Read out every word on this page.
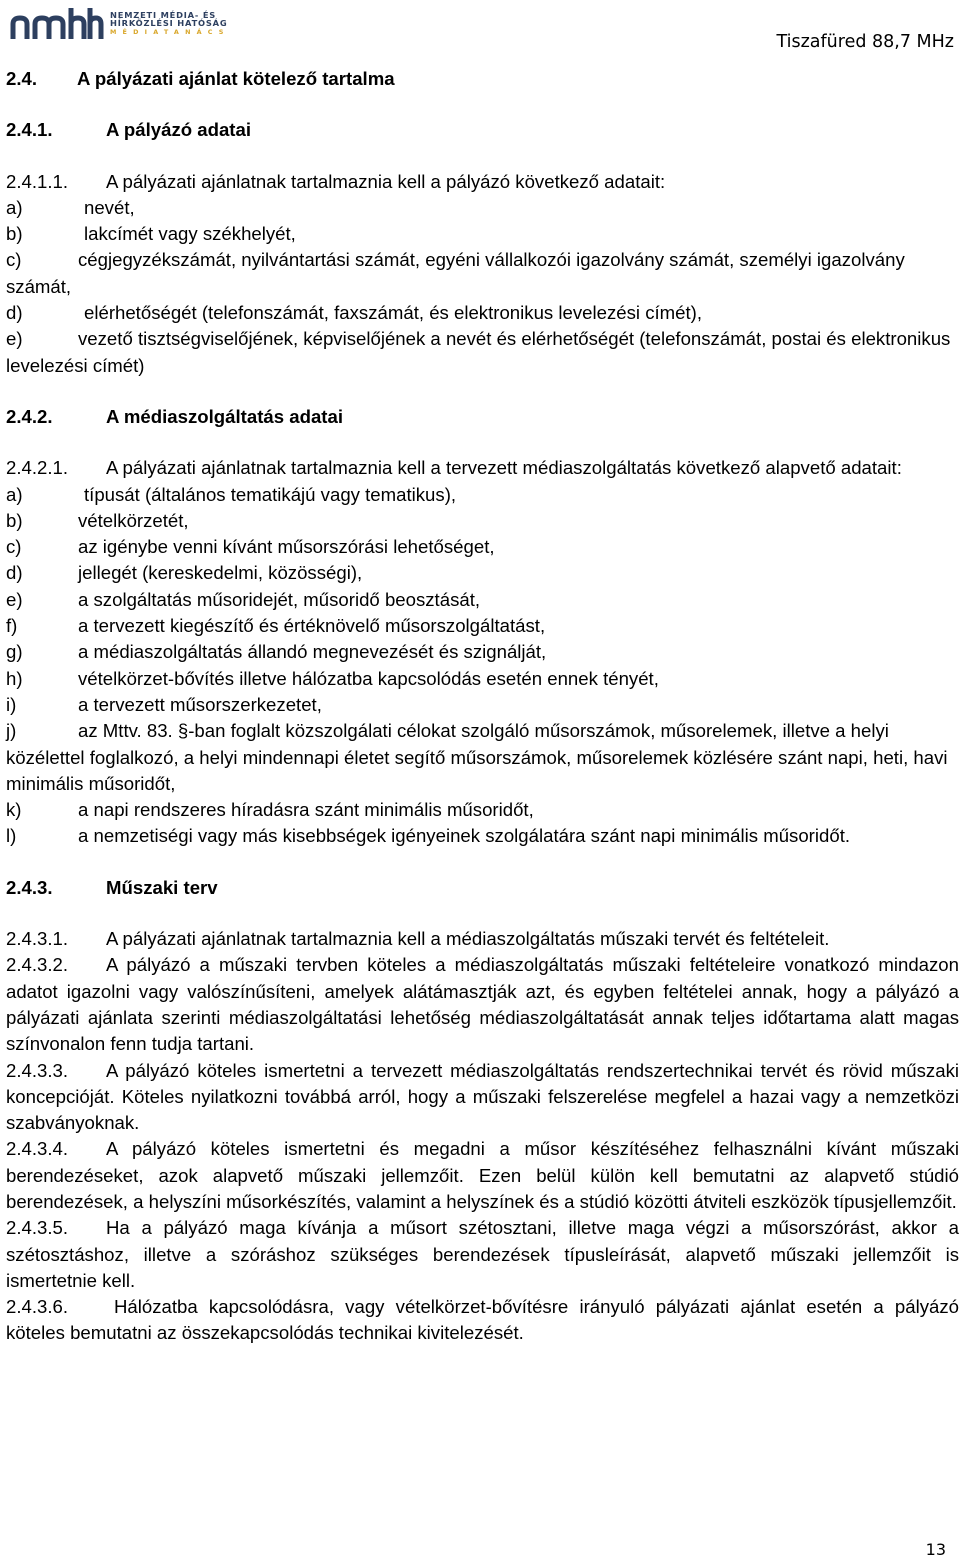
NEMZETI MÉDIA- ÉS
HÍRKÖZLÉSI HATÓSÁG
MÉDIATANÁCS	Tiszafüred 88,7 MHz

2.4.	A pályázati ajánlat kötelező tartalma

2.4.1.	A pályázó adatai

2.4.1.1. A pályázati ajánlatnak tartalmaznia kell a pályázó következő adatait:

a)	nevét,

b)	lakcímét vagy székhelyét,

c)	cégjegyzékszámát, nyilvántartási számát, egyéni vállalkozói igazolvány számát, személyi igazolvány számát,

d)	elérhetőségét (telefonszámát, faxszámát, és elektronikus levelezési címét),

e)	vezető tisztségviselőjének, képviselőjének a nevét és elérhetőségét (telefonszámát, postai és elektronikus levelezési címét)

2.4.2.	A médiaszolgáltatás adatai

2.4.2.1. A pályázati ajánlatnak tartalmaznia kell a tervezett médiaszolgáltatás következő alapvető adatait:

a)	típusát (általános tematikájú vagy tematikus),

b)	vételkörzetét,

c)	az igénybe venni kívánt műsorszórási lehetőséget,

d)	jellegét (kereskedelmi, közösségi),

e)	a szolgáltatás műsoridejét, műsoridő beosztását,

f)	a tervezett kiegészítő és értéknövelő műsorszolgáltatást,

g)	a médiaszolgáltatás állandó megnevezését és szignálját,

h)	vételkörzet-bővítés illetve hálózatba kapcsolódás esetén ennek tényét,

i)	a tervezett műsorszerkezetet,

j)	az Mttv. 83. §-ban foglalt közszolgálati célokat szolgáló műsorszámok, műsorelemek, illetve a helyi közélettel foglalkozó, a helyi mindennapi életet segítő műsorszámok, műsorelemek közlésére szánt napi, heti, havi minimális műsoridőt,

k)	a napi rendszeres híradásra szánt minimális műsoridőt,

l)	a nemzetiségi vagy más kisebbségek igényeinek szolgálatára szánt napi minimális műsoridőt.

2.4.3.	Műszaki terv

2.4.3.1. A pályázati ajánlatnak tartalmaznia kell a médiaszolgáltatás műszaki tervét és feltételeit.

2.4.3.2. A pályázó a műszaki tervben köteles a médiaszolgáltatás műszaki feltételeire vonatkozó mindazon adatot igazolni vagy valószínűsíteni, amelyek alátámasztják azt, és egyben feltételei annak, hogy a pályázó a pályázati ajánlata szerinti médiaszolgáltatási lehetőség médiaszolgáltatását annak teljes időtartama alatt magas színvonalon fenn tudja tartani.

2.4.3.3. A pályázó köteles ismertetni a tervezett médiaszolgáltatás rendszertechnikai tervét és rövid műszaki koncepcióját. Köteles nyilatkozni továbbá arról, hogy a műszaki felszerelése megfelel a hazai vagy a nemzetközi szabványoknak.

2.4.3.4. A pályázó köteles ismertetni és megadni a műsor készítéséhez felhasználni kívánt műszaki berendezéseket, azok alapvető műszaki jellemzőit. Ezen belül külön kell bemutatni az alapvető stúdió berendezések, a helyszíni műsorkészítés, valamint a helyszínek és a stúdió közötti átviteli eszközök típusjellemzőit.

2.4.3.5. Ha a pályázó maga kívánja a műsort szétosztani, illetve maga végzi a műsorszórást, akkor a szétosztáshoz, illetve a szóráshoz szükséges berendezések típusleírását, alapvető műszaki jellemzőit is ismertetnie kell.

2.4.3.6. Hálózatba kapcsolódásra, vagy vételkörzet-bővítésre irányuló pályázati ajánlat esetén a pályázó köteles bemutatni az összekapcsolódás technikai kivitelezését.

13
